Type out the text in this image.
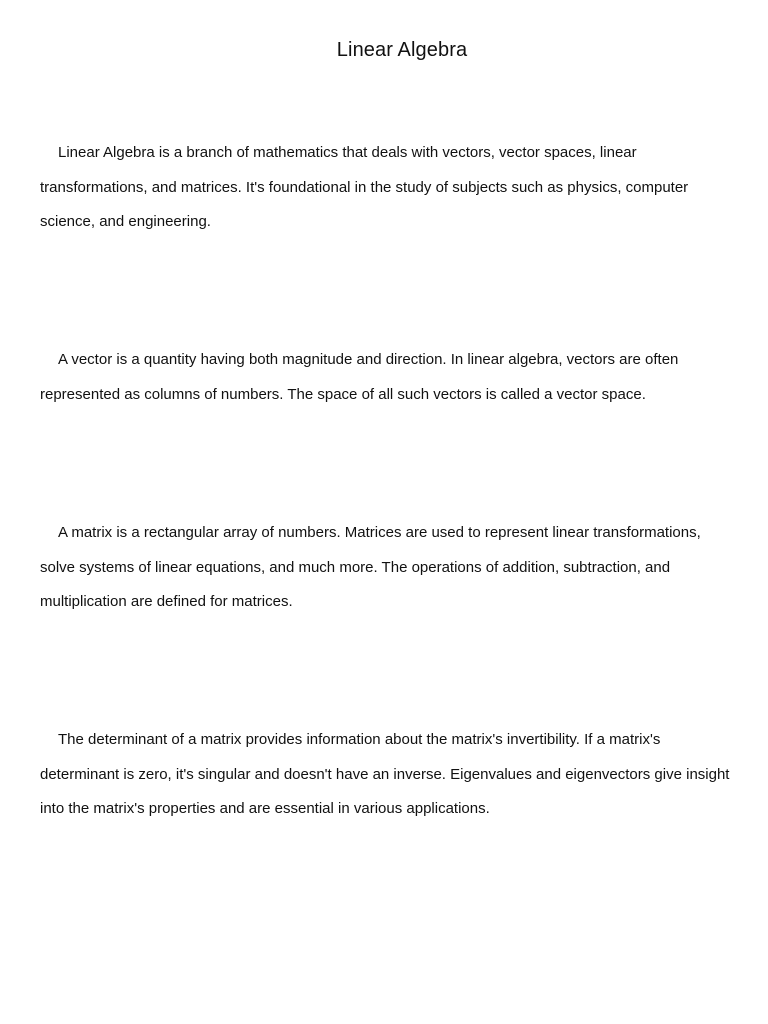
Linear Algebra

Linear Algebra is a branch of mathematics that deals with vectors, vector spaces, linear transformations, and matrices. It's foundational in the study of subjects such as physics, computer science, and engineering.

A vector is a quantity having both magnitude and direction. In linear algebra, vectors are often represented as columns of numbers. The space of all such vectors is called a vector space.

A matrix is a rectangular array of numbers. Matrices are used to represent linear transformations, solve systems of linear equations, and much more. The operations of addition, subtraction, and multiplication are defined for matrices.

The determinant of a matrix provides information about the matrix's invertibility. If a matrix's determinant is zero, it's singular and doesn't have an inverse. Eigenvalues and eigenvectors give insight into the matrix's properties and are essential in various applications.
